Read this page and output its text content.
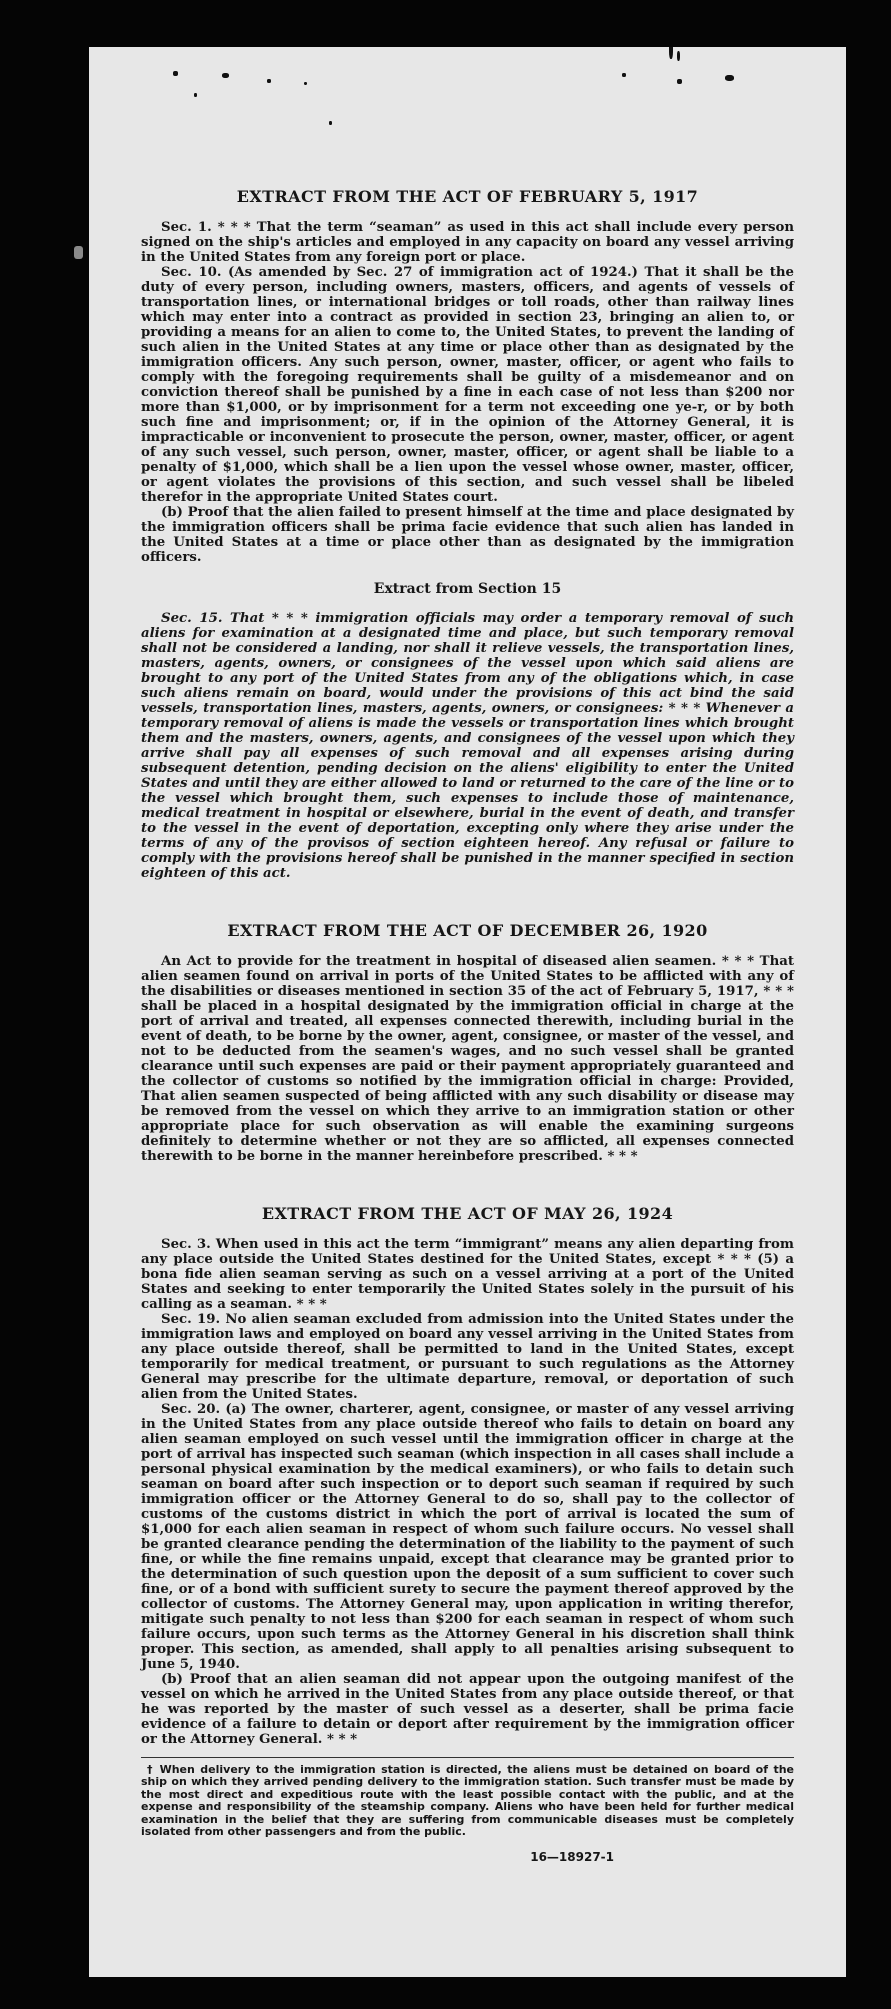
EXTRACT FROM THE ACT OF FEBRUARY 5, 1917

Sec. 1. * * * That the term “seaman” as used in this act shall include every person signed on the ship's articles and employed in any capacity on board any vessel arriving in the United States from any foreign port or place.

Sec. 10. (As amended by Sec. 27 of immigration act of 1924.) That it shall be the duty of every person, including owners, masters, officers, and agents of vessels of transportation lines, or international bridges or toll roads, other than railway lines which may enter into a contract as provided in section 23, bringing an alien to, or providing a means for an alien to come to, the United States, to prevent the landing of such alien in the United States at any time or place other than as designated by the immigration officers. Any such person, owner, master, officer, or agent who fails to comply with the foregoing requirements shall be guilty of a misdemeanor and on conviction thereof shall be punished by a fine in each case of not less than $200 nor more than $1,000, or by imprisonment for a term not exceeding one ye-r, or by both such fine and imprisonment; or, if in the opinion of the Attorney General, it is impracticable or inconvenient to prosecute the person, owner, master, officer, or agent of any such vessel, such person, owner, master, officer, or agent shall be liable to a penalty of $1,000, which shall be a lien upon the vessel whose owner, master, officer, or agent violates the provisions of this section, and such vessel shall be libeled therefor in the appropriate United States court.

(b) Proof that the alien failed to present himself at the time and place designated by the immigration officers shall be prima facie evidence that such alien has landed in the United States at a time or place other than as designated by the immigration officers.

Extract from Section 15

Sec. 15. That * * * immigration officials may order a temporary removal of such aliens for examination at a designated time and place, but such temporary removal shall not be considered a landing, nor shall it relieve vessels, the transportation lines, masters, agents, owners, or consignees of the vessel upon which said aliens are brought to any port of the United States from any of the obligations which, in case such aliens remain on board, would under the provisions of this act bind the said vessels, transportation lines, masters, agents, owners, or consignees: * * * Whenever a temporary removal of aliens is made the vessels or transportation lines which brought them and the masters, owners, agents, and consignees of the vessel upon which they arrive shall pay all expenses of such removal and all expenses arising during subsequent detention, pending decision on the aliens' eligibility to enter the United States and until they are either allowed to land or returned to the care of the line or to the vessel which brought them, such expenses to include those of maintenance, medical treatment in hospital or elsewhere, burial in the event of death, and transfer to the vessel in the event of deportation, excepting only where they arise under the terms of any of the provisos of section eighteen hereof. Any refusal or failure to comply with the provisions hereof shall be punished in the manner specified in section eighteen of this act.

EXTRACT FROM THE ACT OF DECEMBER 26, 1920

An Act to provide for the treatment in hospital of diseased alien seamen. * * * That alien seamen found on arrival in ports of the United States to be afflicted with any of the disabilities or diseases mentioned in section 35 of the act of February 5, 1917, * * * shall be placed in a hospital designated by the immigration official in charge at the port of arrival and treated, all expenses connected therewith, including burial in the event of death, to be borne by the owner, agent, consignee, or master of the vessel, and not to be deducted from the seamen's wages, and no such vessel shall be granted clearance until such expenses are paid or their payment appropriately guaranteed and the collector of customs so notified by the immigration official in charge: Provided, That alien seamen suspected of being afflicted with any such disability or disease may be removed from the vessel on which they arrive to an immigration station or other appropriate place for such observation as will enable the examining surgeons definitely to determine whether or not they are so afflicted, all expenses connected therewith to be borne in the manner hereinbefore prescribed. * * *

EXTRACT FROM THE ACT OF MAY 26, 1924

Sec. 3. When used in this act the term “immigrant” means any alien departing from any place outside the United States destined for the United States, except * * * (5) a bona fide alien seaman serving as such on a vessel arriving at a port of the United States and seeking to enter temporarily the United States solely in the pursuit of his calling as a seaman. * * *

Sec. 19. No alien seaman excluded from admission into the United States under the immigration laws and employed on board any vessel arriving in the United States from any place outside thereof, shall be permitted to land in the United States, except temporarily for medical treatment, or pursuant to such regulations as the Attorney General may prescribe for the ultimate departure, removal, or deportation of such alien from the United States.

Sec. 20. (a) The owner, charterer, agent, consignee, or master of any vessel arriving in the United States from any place outside thereof who fails to detain on board any alien seaman employed on such vessel until the immigration officer in charge at the port of arrival has inspected such seaman (which inspection in all cases shall include a personal physical examination by the medical examiners), or who fails to detain such seaman on board after such inspection or to deport such seaman if required by such immigration officer or the Attorney General to do so, shall pay to the collector of customs of the customs district in which the port of arrival is located the sum of $1,000 for each alien seaman in respect of whom such failure occurs. No vessel shall be granted clearance pending the determination of the liability to the payment of such fine, or while the fine remains unpaid, except that clearance may be granted prior to the determination of such question upon the deposit of a sum sufficient to cover such fine, or of a bond with sufficient surety to secure the payment thereof approved by the collector of customs. The Attorney General may, upon application in writing therefor, mitigate such penalty to not less than $200 for each seaman in respect of whom such failure occurs, upon such terms as the Attorney General in his discretion shall think proper. This section, as amended, shall apply to all penalties arising subsequent to June 5, 1940.

(b) Proof that an alien seaman did not appear upon the outgoing manifest of the vessel on which he arrived in the United States from any place outside thereof, or that he was reported by the master of such vessel as a deserter, shall be prima facie evidence of a failure to detain or deport after requirement by the immigration officer or the Attorney General. * * *

† When delivery to the immigration station is directed, the aliens must be detained on board of the ship on which they arrived pending delivery to the immigration station. Such transfer must be made by the most direct and expeditious route with the least possible contact with the public, and at the expense and responsibility of the steamship company. Aliens who have been held for further medical examination in the belief that they are suffering from communicable diseases must be completely isolated from other passengers and from the public.

16—18927-1
